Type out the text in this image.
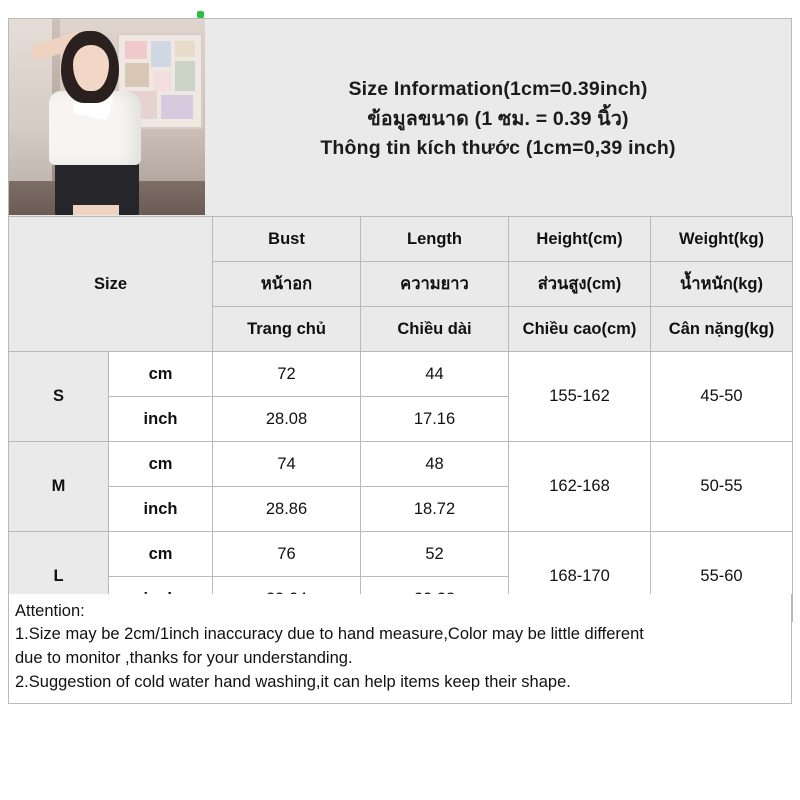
Size Information(1cm=0.39inch)
ข้อมูลขนาด (1 ซม. = 0.39 นิ้ว)
Thông tin kích thước (1cm=0,39 inch)
Size		Bust	Length	Height(cm)	Weight(kg)
		หน้าอก	ความยาว	ส่วนสูง(cm)	น้ำหนัก(kg)
		Trang chủ	Chiều dài	Chiều cao(cm)	Cân nặng(kg)
S	cm	72	44	155-162	45-50
	inch	28.08	17.16		
M	cm	74	48	162-168	50-55
	inch	28.86	18.72		
L	cm	76	52	168-170	55-60

Attention:

1.Size may be 2cm/1inch inaccuracy due to hand measure,Color may be little different

due to monitor ,thanks for your understanding.

2.Suggestion of cold water hand washing,it can help items keep their shape.
